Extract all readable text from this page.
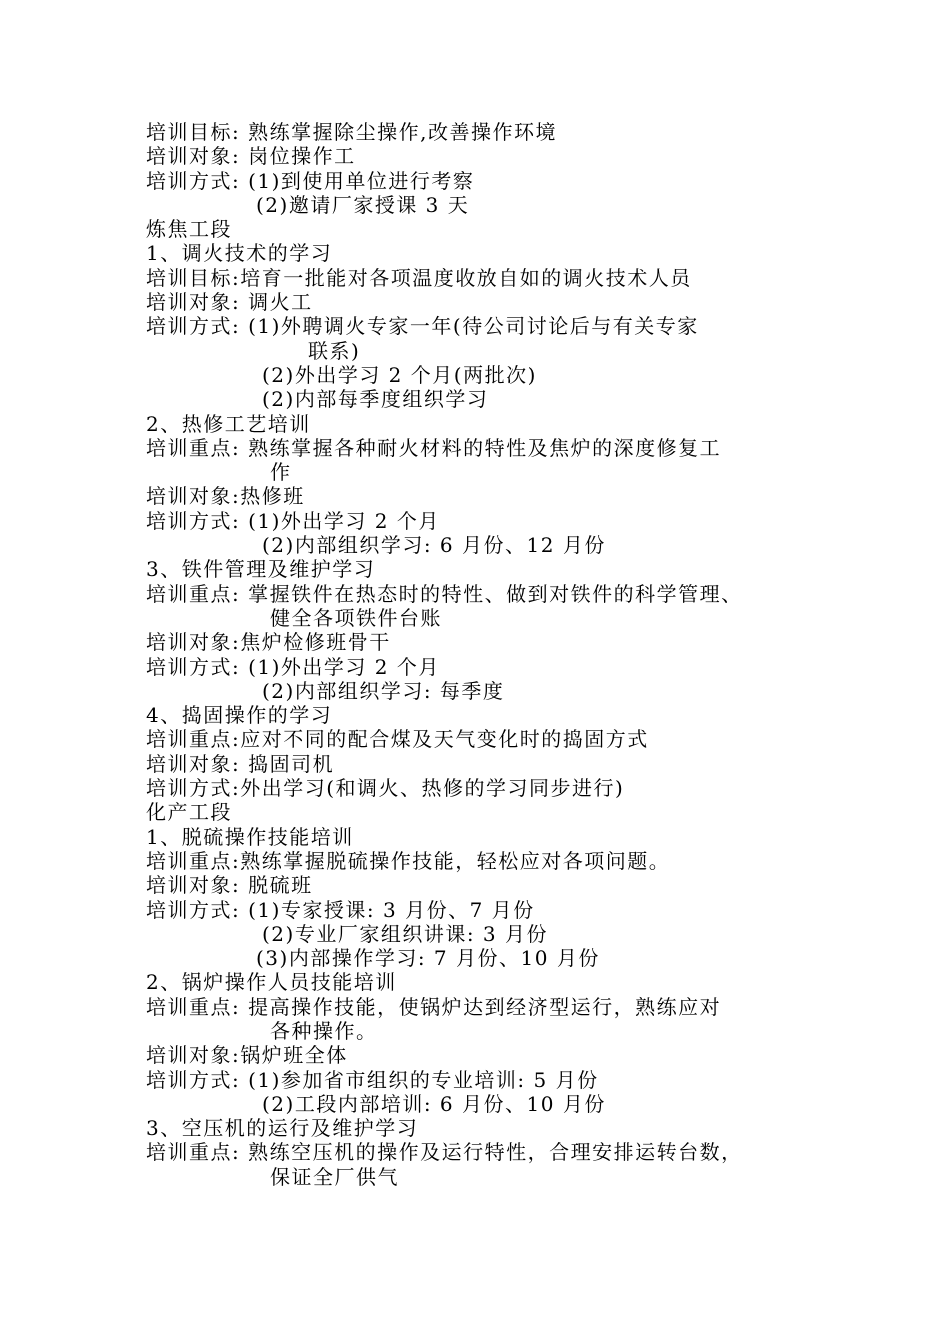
培训目标: 熟练掌握除尘操作,改善操作环境
培训对象: 岗位操作工
培训方式: (1)到使用单位进行考察
(2)邀请厂家授课 3 天
炼焦工段
1、调火技术的学习
培训目标:培育一批能对各项温度收放自如的调火技术人员
培训对象: 调火工
培训方式: (1)外聘调火专家一年(待公司讨论后与有关专家
联系)
(2)外出学习 2 个月(两批次)
(2)内部每季度组织学习
2、热修工艺培训
培训重点: 熟练掌握各种耐火材料的特性及焦炉的深度修复工
作
培训对象:热修班
培训方式: (1)外出学习 2 个月
(2)内部组织学习: 6 月份、12 月份
3、铁件管理及维护学习
培训重点: 掌握铁件在热态时的特性、做到对铁件的科学管理、
健全各项铁件台账
培训对象:焦炉检修班骨干
培训方式: (1)外出学习 2 个月
(2)内部组织学习: 每季度
4、捣固操作的学习
培训重点:应对不同的配合煤及天气变化时的捣固方式
培训对象: 捣固司机
培训方式:外出学习(和调火、热修的学习同步进行)
化产工段
1、脱硫操作技能培训
培训重点:熟练掌握脱硫操作技能，轻松应对各项问题。
培训对象: 脱硫班
培训方式: (1)专家授课: 3 月份、7 月份
(2)专业厂家组织讲课: 3 月份
(3)内部操作学习: 7 月份、10 月份
2、锅炉操作人员技能培训
培训重点: 提高操作技能，使锅炉达到经济型运行，熟练应对
各种操作。
培训对象:锅炉班全体
培训方式: (1)参加省市组织的专业培训: 5 月份
(2)工段内部培训: 6 月份、10 月份
3、空压机的运行及维护学习
培训重点: 熟练空压机的操作及运行特性，合理安排运转台数，
保证全厂供气
